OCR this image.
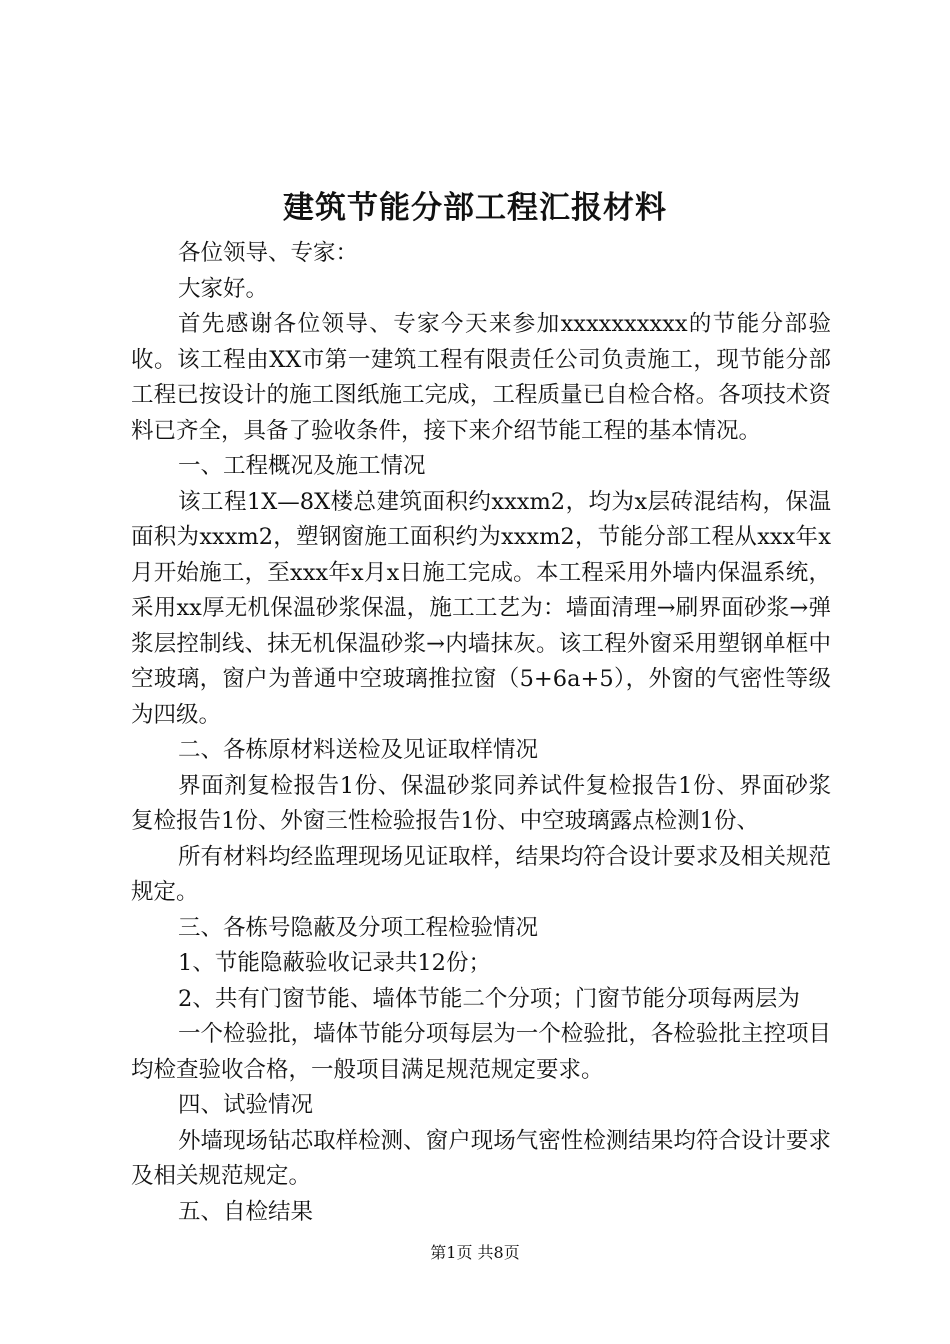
建筑节能分部工程汇报材料

各位领导、专家：

大家好。

首先感谢各位领导、专家今天来参加xxxxxxxxxx的节能分部验收。该工程由XX市第一建筑工程有限责任公司负责施工，现节能分部工程已按设计的施工图纸施工完成，工程质量已自检合格。各项技术资料已齐全，具备了验收条件，接下来介绍节能工程的基本情况。

一、工程概况及施工情况

该工程1X—8X楼总建筑面积约xxxm2，均为x层砖混结构，保温面积为xxxm2，塑钢窗施工面积约为xxxm2，节能分部工程从xxx年x月开始施工，至xxx年x月x日施工完成。本工程采用外墙内保温系统，采用xx厚无机保温砂浆保温，施工工艺为：墙面清理→刷界面砂浆→弹浆层控制线、抹无机保温砂浆→内墙抹灰。该工程外窗采用塑钢单框中空玻璃，窗户为普通中空玻璃推拉窗（5+6a+5），外窗的气密性等级为四级。

二、各栋原材料送检及见证取样情况

界面剂复检报告1份、保温砂浆同养试件复检报告1份、界面砂浆复检报告1份、外窗三性检验报告1份、中空玻璃露点检测1份、

所有材料均经监理现场见证取样，结果均符合设计要求及相关规范规定。

三、各栋号隐蔽及分项工程检验情况

1、节能隐蔽验收记录共12份；

2、共有门窗节能、墙体节能二个分项；门窗节能分项每两层为

一个检验批，墙体节能分项每层为一个检验批，各检验批主控项目均检查验收合格，一般项目满足规范规定要求。

四、试验情况

外墙现场钻芯取样检测、窗户现场气密性检测结果均符合设计要求及相关规范规定。

五、自检结果

第1页 共8页
